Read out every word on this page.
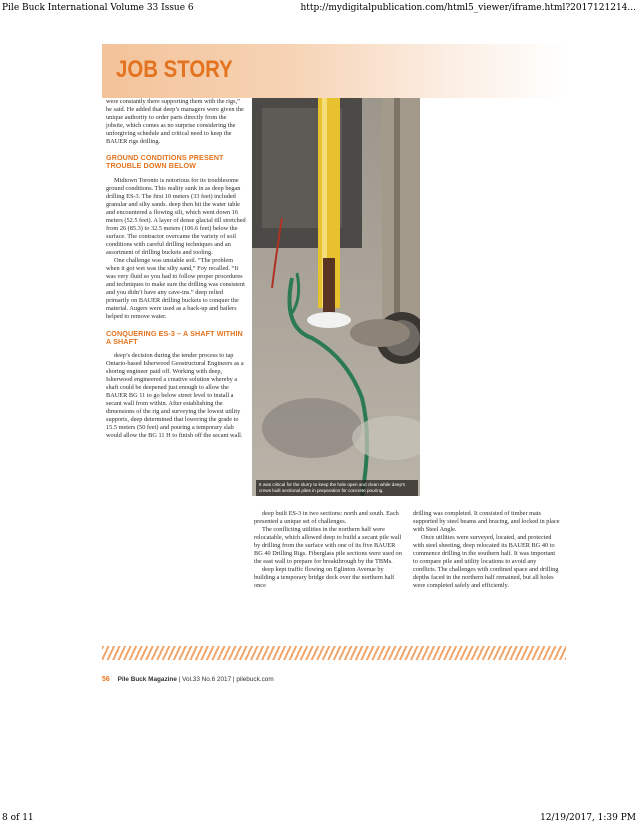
Pile Buck International Volume 33 Issue 6	http://mydigitalpublication.com/html5_viewer/iframe.html?2017121214...
JOB STORY

were constantly there supporting them with the rigs,” he said. He added that deep’s managers were given the unique authority to order parts directly from the jobsite, which comes as no surprise considering the unforgiving schedule and critical need to keep the BAUER rigs drilling.

GROUND CONDITIONS PRESENT TROUBLE DOWN BELOW

Midtown Toronto is notorious for its troublesome ground conditions. This reality sunk in as deep began drilling ES-3. The first 10 meters (33 feet) included granular and silty sands. deep then hit the water table and encountered a flowing silt, which went down 16 meters (52.5 feet). A layer of dense glacial till stretched from 26 (85.3) to 32.5 meters (106.6 feet) below the surface. The contractor overcame the variety of soil conditions with careful drilling techniques and an assortment of drilling buckets and tooling.

One challenge was unstable soil. “The problem when it got wet was the silty sand,” Foy recalled. “It was very fluid so you had to follow proper procedures and techniques to make sure the drilling was consistent and you didn’t have any cave-ins.” deep relied primarily on BAUER drilling buckets to conquer the material. Augers were used as a back-up and bailers helped to remove water.

CONQUERING ES-3 – A SHAFT WITHIN A SHAFT

deep’s decision during the tender process to tap Ontario-based Isherwood Geostructural Engineers as a shoring engineer paid off. Working with deep, Isherwood engineered a creative solution whereby a shaft could be deepened just enough to allow the BAUER BG 11 to go below street level to install a secant wall from within. After establishing the dimensions of the rig and surveying the lowest utility supports, deep determined that lowering the grade to 15.5 meters (50 feet) and pouring a temporary slab would allow the BG 11 H to finish off the secant wall.

It was critical for the slurry to keep the hole open and clean while deep’s crews built sectional piles in preparation for concrete pouring.

deep built ES-3 in two sections: north and south. Each presented a unique set of challenges.

The conflicting utilities in the northern half were relocatable, which allowed deep to build a secant pile wall by drilling from the surface with one of its five BAUER BG 40 Drilling Rigs. Fiberglass pile sections were used on the east wall to prepare for breakthrough by the TBMs.

deep kept traffic flowing on Eglinton Avenue by building a temporary bridge deck over the northern half once

drilling was completed. It consisted of timber mats supported by steel beams and bracing, and locked in place with Steel Angle.

Once utilities were surveyed, located, and protected with steel sheeting, deep relocated its BAUER BG 40 to commence drilling in the southern half. It was important to compare pile and utility locations to avoid any conflicts. The challenges with confined space and drilling depths faced in the northern half remained, but all holes were completed safely and efficiently.

56 Pile Buck Magazine | Vol.33 No.6 2017 | pilebuck.com
8 of 11	12/19/2017, 1:39 PM
